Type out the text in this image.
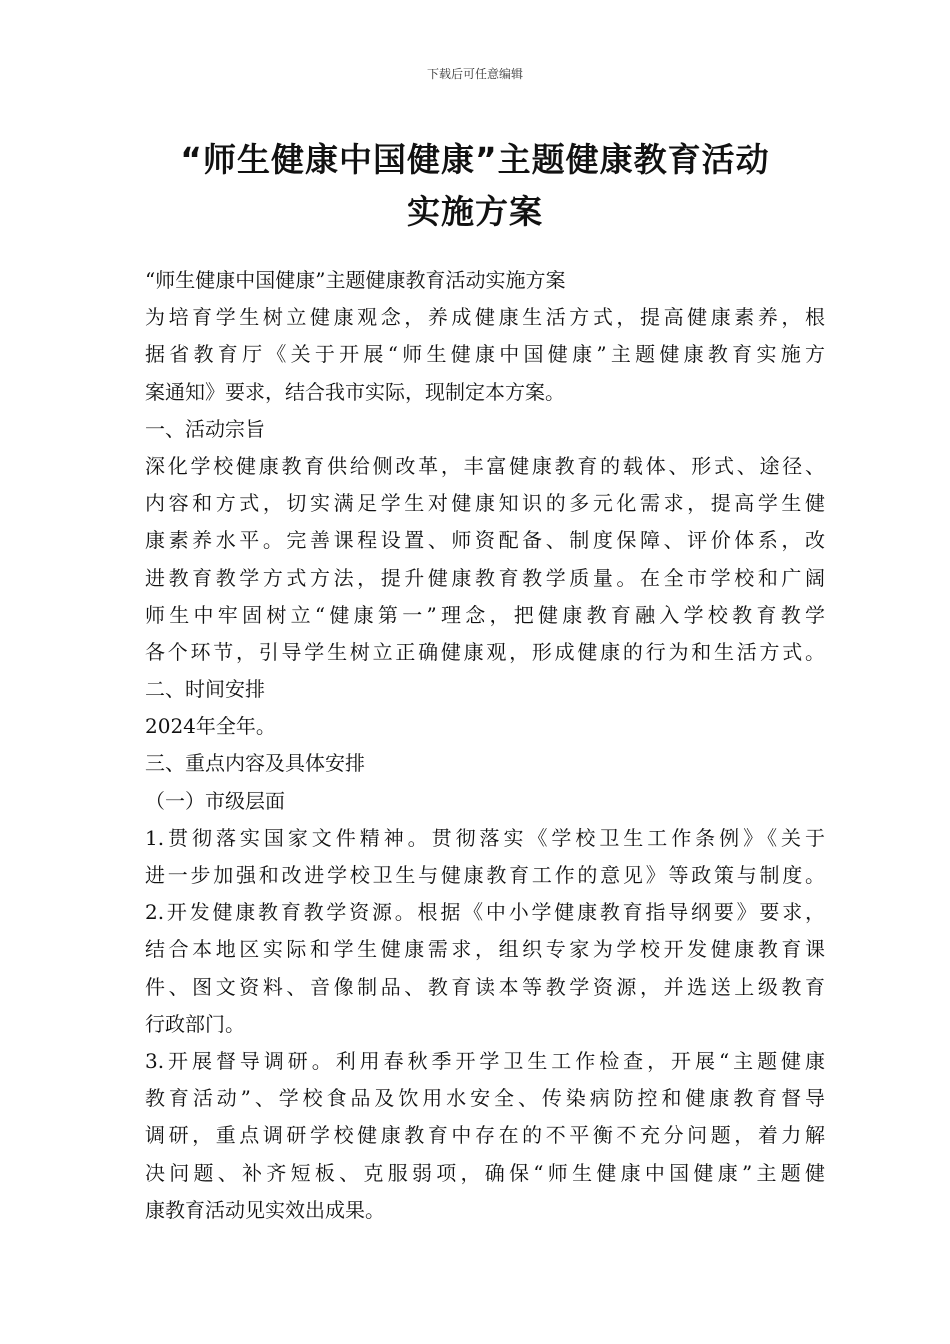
下载后可任意编辑
“师生健康中国健康”主题健康教育活动
实施方案
“师生健康中国健康”主题健康教育活动实施方案
为培育学生树立健康观念，养成健康生活方式，提高健康素养，根
据省教育厅《关于开展“师生健康中国健康”主题健康教育实施方
案通知》要求，结合我市实际，现制定本方案。
一、活动宗旨
深化学校健康教育供给侧改革，丰富健康教育的载体、形式、途径、
内容和方式，切实满足学生对健康知识的多元化需求，提高学生健
康素养水平。完善课程设置、师资配备、制度保障、评价体系，改
进教育教学方式方法，提升健康教育教学质量。在全市学校和广阔
师生中牢固树立“健康第一”理念，把健康教育融入学校教育教学
各个环节，引导学生树立正确健康观，形成健康的行为和生活方式。
二、时间安排
2024年全年。
三、重点内容及具体安排
（一）市级层面
1.贯彻落实国家文件精神。贯彻落实《学校卫生工作条例》《关于
进一步加强和改进学校卫生与健康教育工作的意见》等政策与制度。
2.开发健康教育教学资源。根据《中小学健康教育指导纲要》要求，
结合本地区实际和学生健康需求，组织专家为学校开发健康教育课
件、图文资料、音像制品、教育读本等教学资源，并选送上级教育
行政部门。
3.开展督导调研。利用春秋季开学卫生工作检查，开展“主题健康
教育活动”、学校食品及饮用水安全、传染病防控和健康教育督导
调研，重点调研学校健康教育中存在的不平衡不充分问题，着力解
决问题、补齐短板、克服弱项，确保“师生健康中国健康”主题健
康教育活动见实效出成果。
